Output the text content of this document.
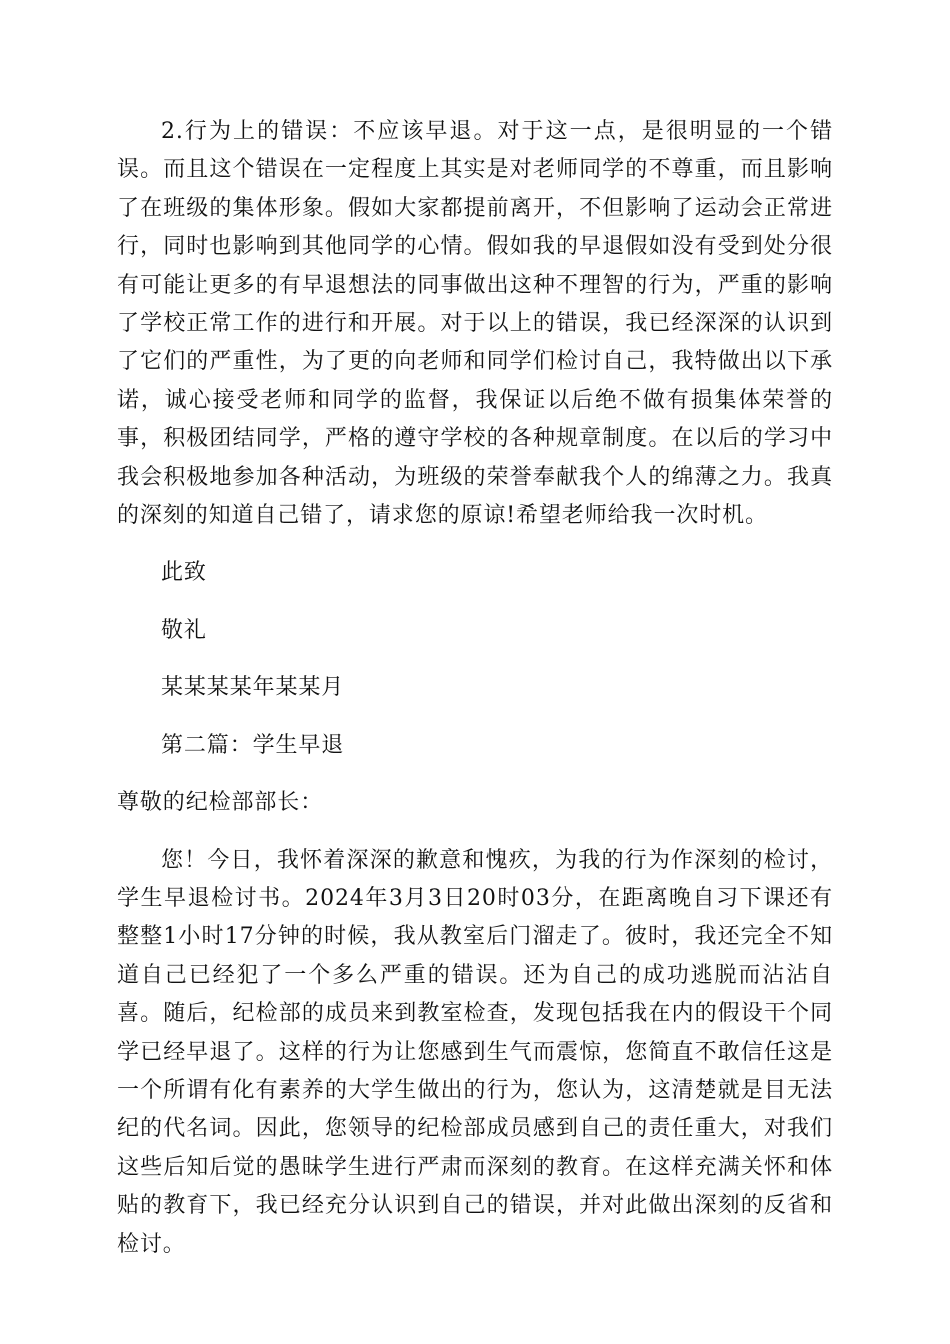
2.行为上的错误：不应该早退。对于这一点，是很明显的一个错误。而且这个错误在一定程度上其实是对老师同学的不尊重，而且影响了在班级的集体形象。假如大家都提前离开，不但影响了运动会正常进行，同时也影响到其他同学的心情。假如我的早退假如没有受到处分很有可能让更多的有早退想法的同事做出这种不理智的行为，严重的影响了学校正常工作的进行和开展。对于以上的错误，我已经深深的认识到了它们的严重性，为了更的向老师和同学们检讨自己，我特做出以下承诺，诚心接受老师和同学的监督，我保证以后绝不做有损集体荣誉的事，积极团结同学，严格的遵守学校的各种规章制度。在以后的学习中我会积极地参加各种活动，为班级的荣誉奉献我个人的绵薄之力。我真的深刻的知道自己错了，请求您的原谅!希望老师给我一次时机。

此致

敬礼

某某某某年某某月

第二篇：学生早退

尊敬的纪检部部长：

您！今日，我怀着深深的歉意和愧疚，为我的行为作深刻的检讨，学生早退检讨书。2024年3月3日20时03分，在距离晚自习下课还有整整1小时17分钟的时候，我从教室后门溜走了。彼时，我还完全不知道自己已经犯了一个多么严重的错误。还为自己的成功逃脱而沾沾自喜。随后，纪检部的成员来到教室检查，发现包括我在内的假设干个同学已经早退了。这样的行为让您感到生气而震惊，您简直不敢信任这是一个所谓有化有素养的大学生做出的行为，您认为，这清楚就是目无法纪的代名词。因此，您领导的纪检部成员感到自己的责任重大，对我们这些后知后觉的愚昧学生进行严肃而深刻的教育。在这样充满关怀和体贴的教育下，我已经充分认识到自己的错误，并对此做出深刻的反省和检讨。
